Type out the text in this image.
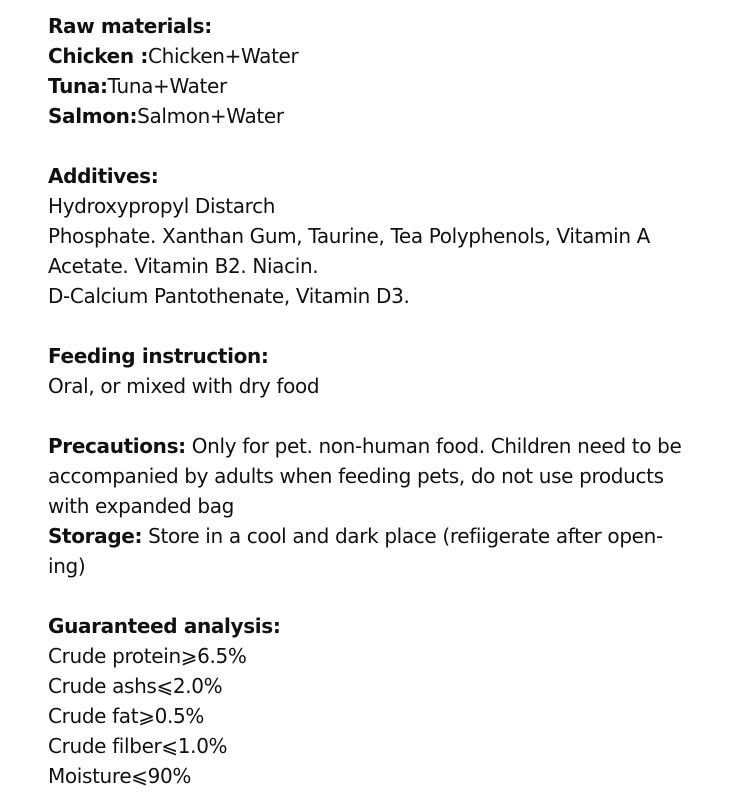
Raw materials:
Chicken :Chicken+Water
Tuna:Tuna+Water
Salmon:Salmon+Water
Additives:
Hydroxypropyl Distarch
Phosphate. Xanthan Gum, Taurine, Tea Polyphenols, Vitamin A
Acetate. Vitamin B2. Niacin.
D-Calcium Pantothenate, Vitamin D3.
Feeding instruction:
Oral, or mixed with dry food
Precautions: Only for pet. non-human food. Children need to be accompanied by adults when feeding pets, do not use products with expanded bag
Storage: Store in a cool and dark place (refiigerate after open-ing)
Guaranteed analysis:
Crude protein⩾6.5%
Crude ashs⩽2.0%
Crude fat⩾0.5%
Crude filber⩽1.0%
Moisture⩽90%
